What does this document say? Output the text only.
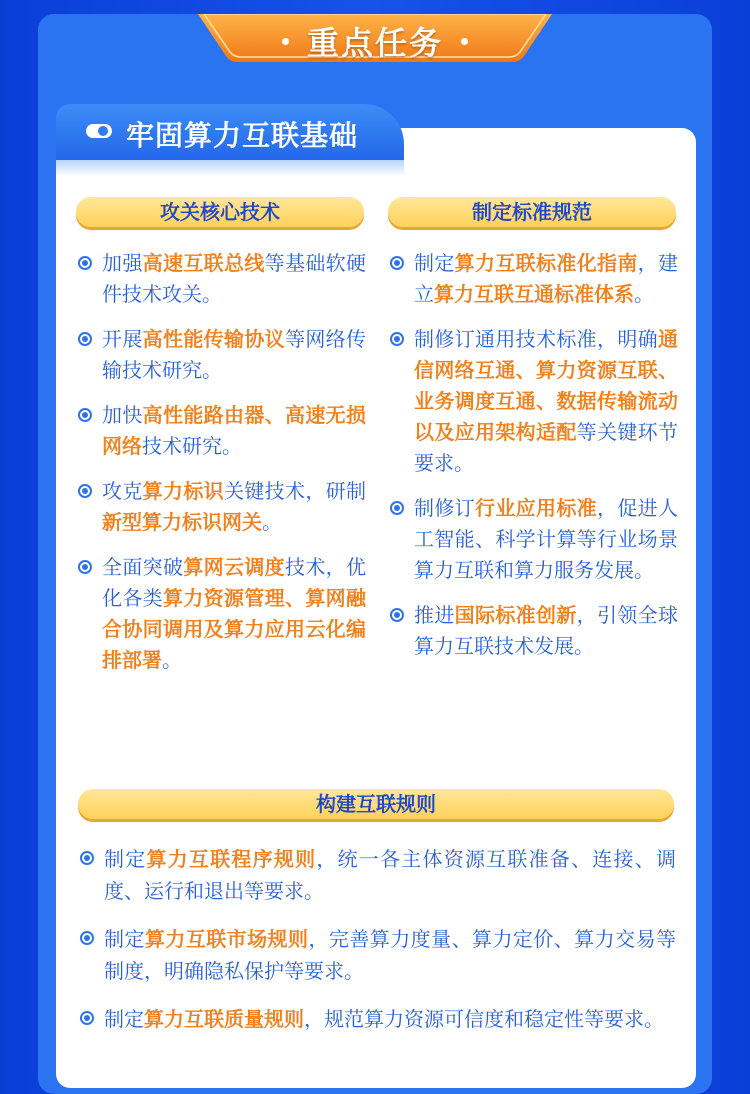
重点任务
牢固算力互联基础
攻关核心技术	制定标准规范
加强高速互联总线等基础软硬件技术攻关。
开展高性能传输协议等网络传输技术研究。
加快高性能路由器、高速无损网络技术研究。
攻克算力标识关键技术，研制新型算力标识网关。
全面突破算网云调度技术，优化各类算力资源管理、算网融合协同调用及算力应用云化编排部署。
制定算力互联标准化指南，建立算力互联互通标准体系。
制修订通用技术标准，明确通信网络互通、算力资源互联、业务调度互通、数据传输流动以及应用架构适配等关键环节要求。
制修订行业应用标准，促进人工智能、科学计算等行业场景算力互联和算力服务发展。
推进国际标准创新，引领全球算力互联技术发展。
构建互联规则
制定算力互联程序规则，统一各主体资源互联准备、连接、调度、运行和退出等要求。
制定算力互联市场规则，完善算力度量、算力定价、算力交易等制度，明确隐私保护等要求。
制定算力互联质量规则，规范算力资源可信度和稳定性等要求。
